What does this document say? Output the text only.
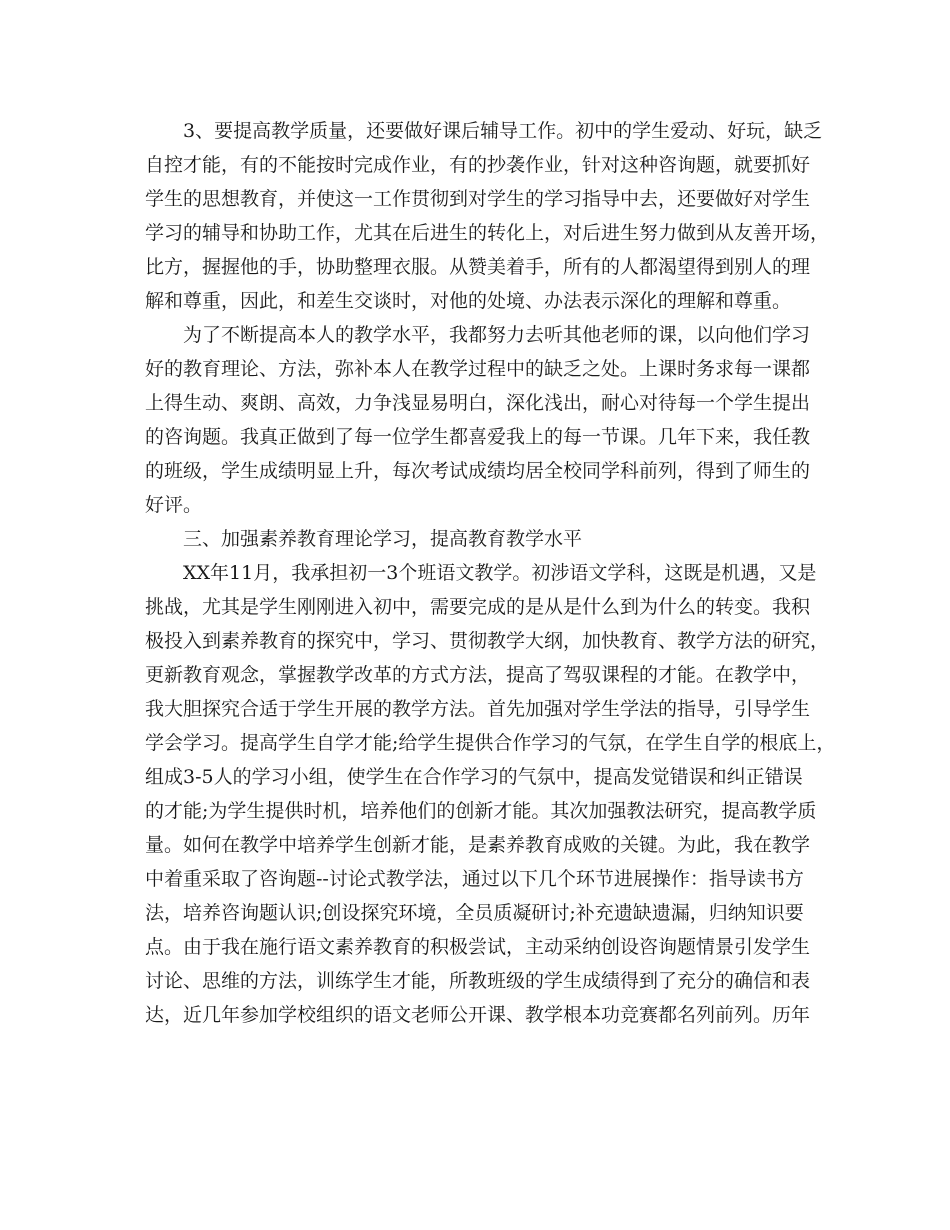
3、要提高教学质量，还要做好课后辅导工作。初中的学生爱动、好玩，缺乏
自控才能，有的不能按时完成作业，有的抄袭作业，针对这种咨询题，就要抓好
学生的思想教育，并使这一工作贯彻到对学生的学习指导中去，还要做好对学生
学习的辅导和协助工作，尤其在后进生的转化上，对后进生努力做到从友善开场，
比方，握握他的手，协助整理衣服。从赞美着手，所有的人都渴望得到别人的理
解和尊重，因此，和差生交谈时，对他的处境、办法表示深化的理解和尊重。
为了不断提高本人的教学水平，我都努力去听其他老师的课，以向他们学习
好的教育理论、方法，弥补本人在教学过程中的缺乏之处。上课时务求每一课都
上得生动、爽朗、高效，力争浅显易明白，深化浅出，耐心对待每一个学生提出
的咨询题。我真正做到了每一位学生都喜爱我上的每一节课。几年下来，我任教
的班级，学生成绩明显上升，每次考试成绩均居全校同学科前列，得到了师生的
好评。
三、加强素养教育理论学习，提高教育教学水平
XX年11月，我承担初一3个班语文教学。初涉语文学科，这既是机遇，又是
挑战，尤其是学生刚刚进入初中，需要完成的是从是什么到为什么的转变。我积
极投入到素养教育的探究中，学习、贯彻教学大纲，加快教育、教学方法的研究，
更新教育观念，掌握教学改革的方式方法，提高了驾驭课程的才能。在教学中，
我大胆探究合适于学生开展的教学方法。首先加强对学生学法的指导，引导学生
学会学习。提高学生自学才能;给学生提供合作学习的气氛，在学生自学的根底上，
组成3-5人的学习小组，使学生在合作学习的气氛中，提高发觉错误和纠正错误
的才能;为学生提供时机，培养他们的创新才能。其次加强教法研究，提高教学质
量。如何在教学中培养学生创新才能，是素养教育成败的关键。为此，我在教学
中着重采取了咨询题--讨论式教学法，通过以下几个环节进展操作：指导读书方
法，培养咨询题认识;创设探究环境，全员质凝研讨;补充遗缺遗漏，归纳知识要
点。由于我在施行语文素养教育的积极尝试，主动采纳创设咨询题情景引发学生
讨论、思维的方法，训练学生才能，所教班级的学生成绩得到了充分的确信和表
达，近几年参加学校组织的语文老师公开课、教学根本功竞赛都名列前列。历年
